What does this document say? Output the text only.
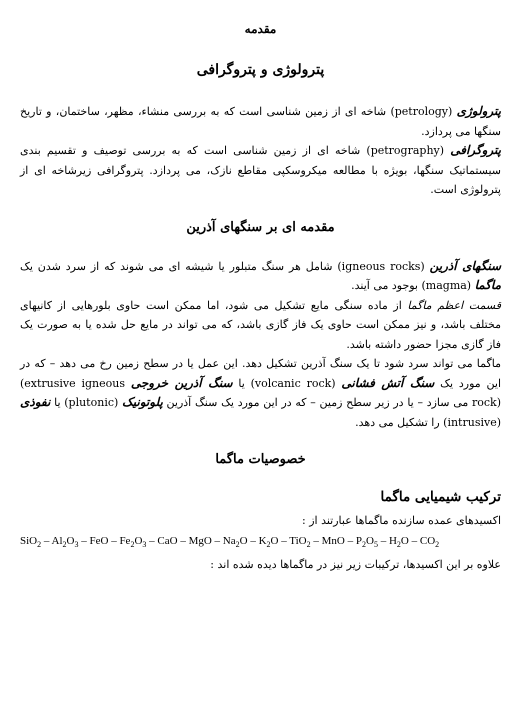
مقدمه
پترولوژی و پتروگرافی

پترولوژی (petrology) شاخه ای از زمین شناسی است که به بررسی منشاء، مظهر، ساختمان، و تاریخ سنگها می پردازد.

پتروگرافی (petrography) شاخه ای از زمین شناسی است که به بررسی توصیف و تقسیم بندی سیستماتیک سنگها، بویژه با مطالعه میکروسکپی مقاطع نازک، می پردازد. پتروگرافی زیرشاخه ای از پترولوژی است.

مقدمه ای بر سنگهای آذرین

سنگهای آذرین (igneous rocks) شامل هر سنگ متبلور یا شیشه ای می شوند که از سرد شدن یک ماگما (magma) بوجود می آیند.

قسمت اعظم ماگما از ماده سنگی مایع تشکیل می شود، اما ممکن است حاوی بلورهایی از کانیهای مختلف باشد، و نیز ممکن است حاوی یک فاز گازی باشد، که می تواند در مایع حل شده یا به صورت یک فاز گازی مجزا حضور داشته باشد.

ماگما می تواند سرد شود تا یک سنگ آذرین تشکیل دهد. این عمل یا در سطح زمین رخ می دهد – که در این مورد یک سنگ آتش فشانی (volcanic rock) یا سنگ آذرین خروجی (extrusive igneous rock) می سازد – یا در زیر سطح زمین – که در این مورد یک سنگ آذرین پلوتونیک (plutonic) یا نفوذی (intrusive) را تشکیل می دهد.

خصوصیات ماگما
ترکیب شیمیایی ماگما

اکسیدهای عمده سازنده ماگماها عبارتند از :

$SiO_2 - Al_2O_3$ – FeO – $Fe_2O_3$ – CaO – MgO – $Na_2O - K_2O - TiO_2$ – MnO – $P_2O_5 - H_2O - CO_2$

علاوه بر این اکسیدها، ترکیبات زیر نیز در ماگماها دیده شده اند :
